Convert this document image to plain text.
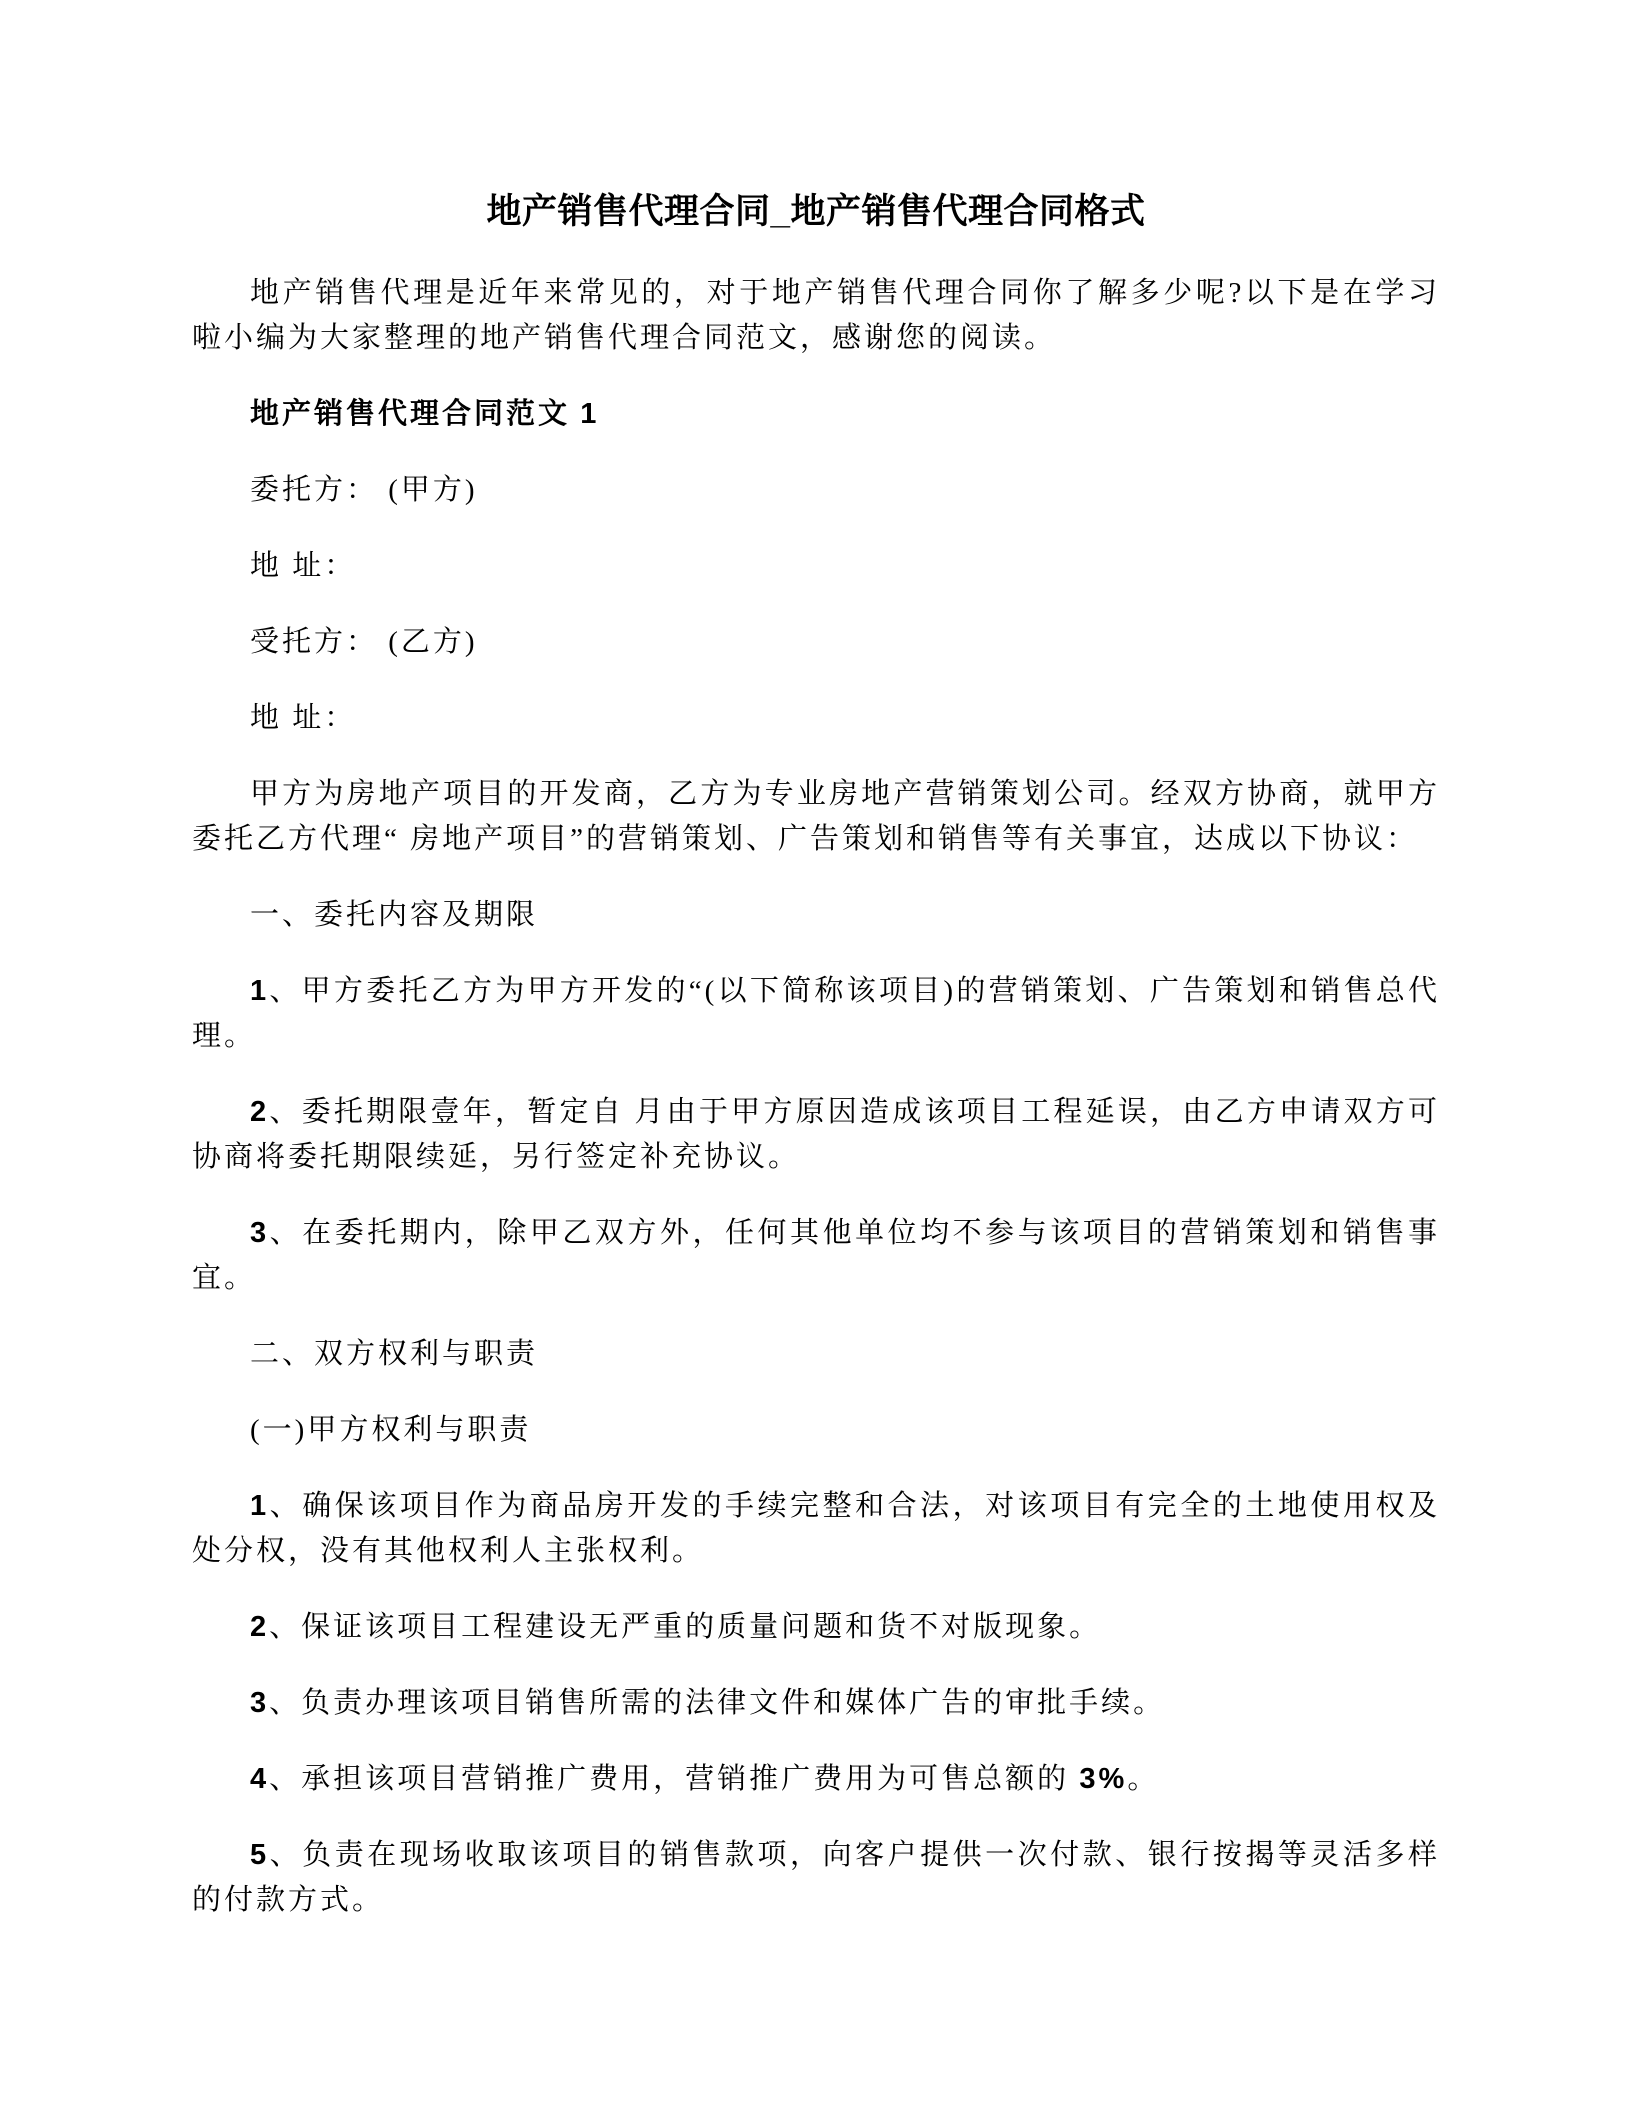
地产销售代理合同_地产销售代理合同格式

地产销售代理是近年来常见的，对于地产销售代理合同你了解多少呢?以下是在学习啦小编为大家整理的地产销售代理合同范文，感谢您的阅读。

地产销售代理合同范文 1

委托方： (甲方)

地 址：

受托方： (乙方)

地 址：

甲方为房地产项目的开发商，乙方为专业房地产营销策划公司。经双方协商，就甲方委托乙方代理“ 房地产项目”的营销策划、广告策划和销售等有关事宜，达成以下协议：

一、委托内容及期限

1、甲方委托乙方为甲方开发的“(以下简称该项目)的营销策划、广告策划和销售总代理。

2、委托期限壹年，暂定自 月由于甲方原因造成该项目工程延误，由乙方申请双方可协商将委托期限续延，另行签定补充协议。

3、在委托期内，除甲乙双方外，任何其他单位均不参与该项目的营销策划和销售事宜。

二、双方权利与职责

(一)甲方权利与职责

1、确保该项目作为商品房开发的手续完整和合法，对该项目有完全的土地使用权及处分权，没有其他权利人主张权利。

2、保证该项目工程建设无严重的质量问题和货不对版现象。

3、负责办理该项目销售所需的法律文件和媒体广告的审批手续。

4、承担该项目营销推广费用，营销推广费用为可售总额的 3%。

5、负责在现场收取该项目的销售款项，向客户提供一次付款、银行按揭等灵活多样的付款方式。
